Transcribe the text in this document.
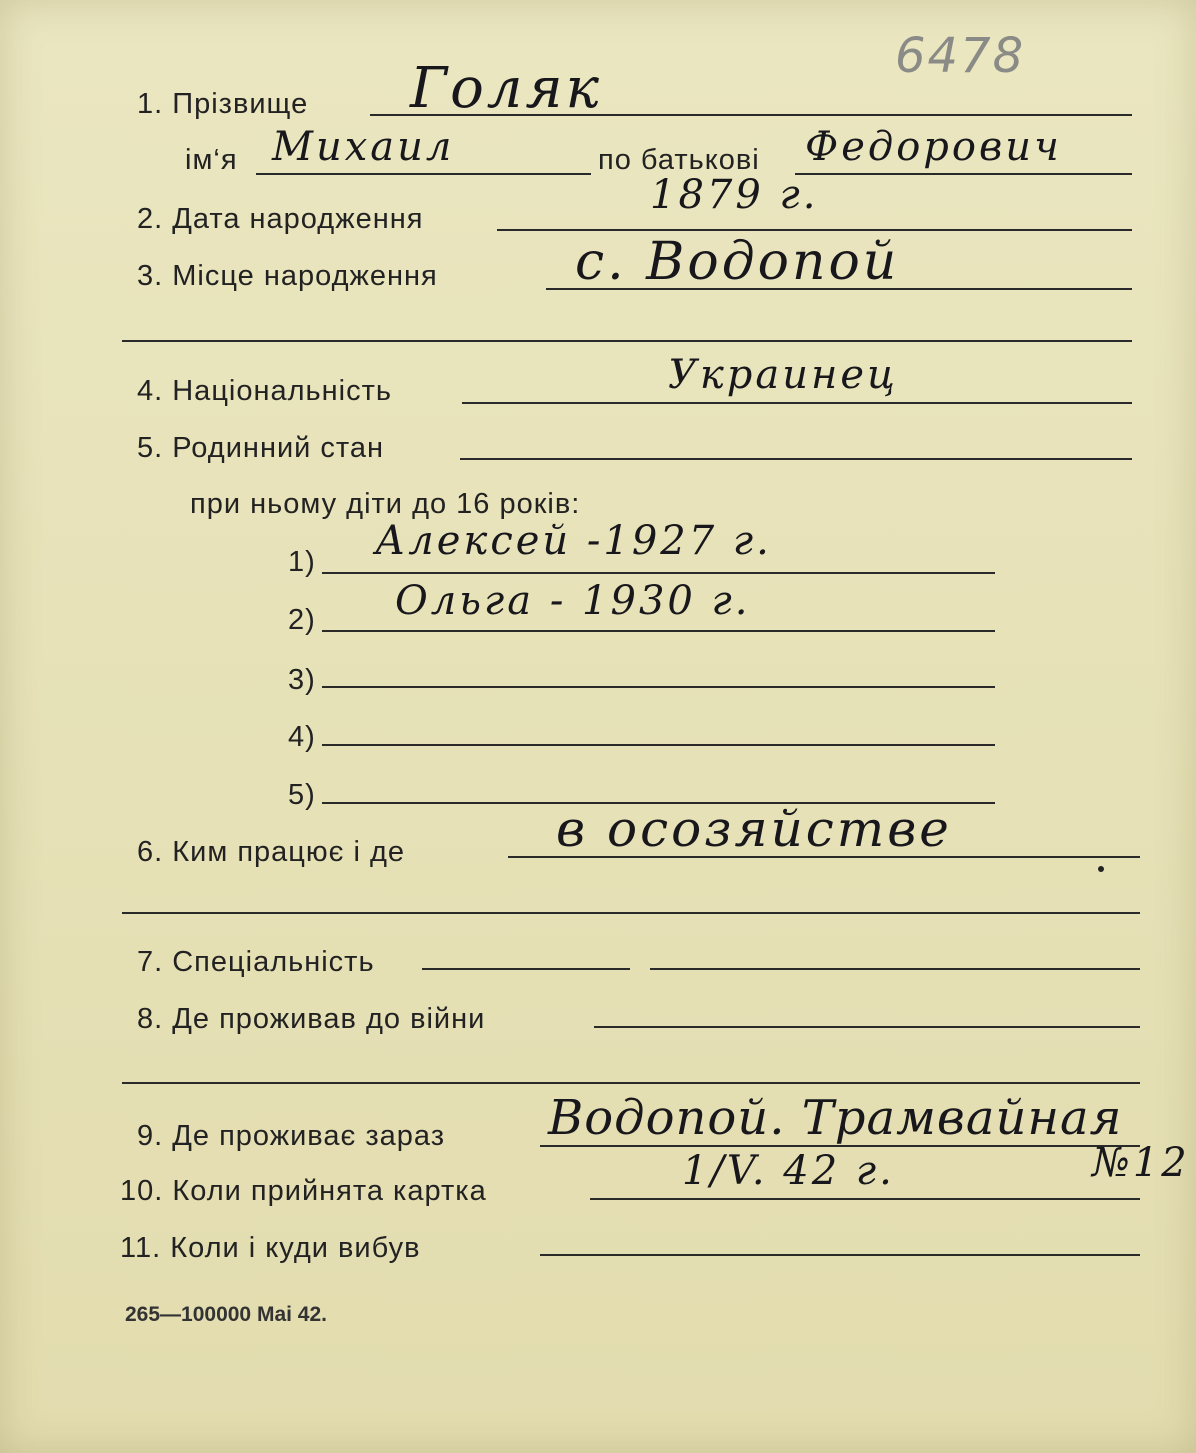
6478
1. Прізвище Голяк
ім‘я Михаил	по батькові Федорович
2. Дата народження
1879 г.
3. Місце народження	с. Водопой
4. Національність	Украинец
5. Родинний стан
при ньому діти до 16 років:
1) Алексей -1927 г.
2) Ольга - 1930 г.
3)
4)
5)
6. Ким працює і де	в осозяйстве
7. Спеціальність
8. Де проживав до війни
9. Де проживає зараз Водопой. Трамвайная
№12
10. Коли прийнята картка	1/V. 42 г.
11. Коли і куди вибув
265—100000 Mai 42.
